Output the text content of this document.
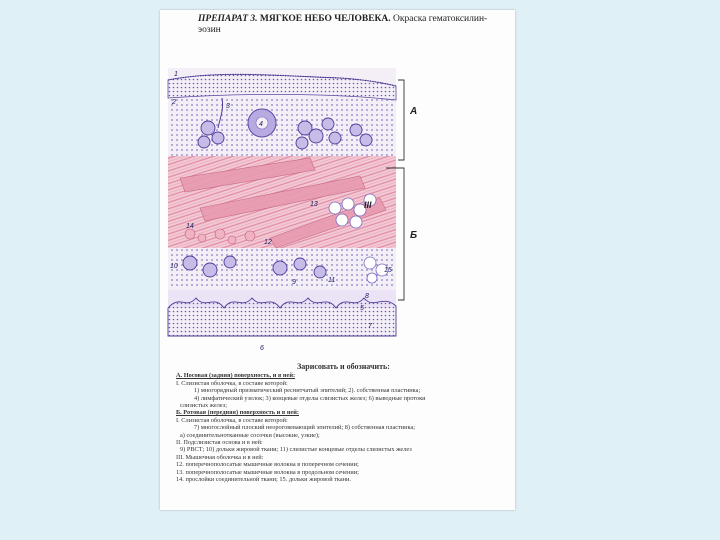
ПРЕПАРАТ 3. МЯГКОЕ НЕБО ЧЕЛОВЕКА. Окраска гематоксилин-
эозин
1
2
3
4
5
6
7
8
9
10
11
12
13
14
15
III
А
Б
Зарисовать и обозначить:
А. Носовая (задняя) поверхность, и в ней:
I. Слизистая оболочка, в составе которой:
1) многорядный призматический реснитчатый эпителий; 2). собственная пластинка;
4) лимфатический узелок; 3) концевые отделы слизистых желез; 6) выводные протоки
слизистых желез;
Б. Ротовая (передняя) поверхность и в ней:
I. Слизистая оболочка, в составе которой:
7) многослойный плоский неороговевающий эпителий; 8) собственная пластинка;
а) соединительнотканные сосочки (высокие, узкие);
II. Подслизистая основа и в ней:
9) РВСТ; 10) дольки жировой ткани; 11) слизистые концевые отделы слизистых желез
III. Мышечная оболочка и в ней:
12. поперечнополосатые мышечные волокна в поперечном сечении;
13. поперечнополосатые мышечные волокна в продольном сечении;
14. прослойки соединительной ткани; 15. дольки жировой ткани.
